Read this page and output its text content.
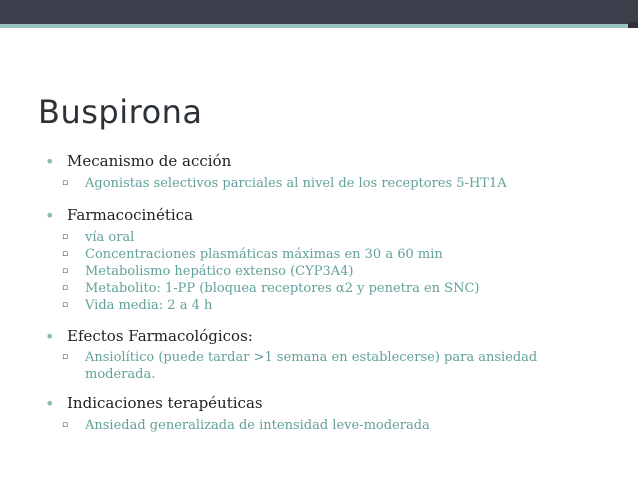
Buspirona
• Mecanismo de acción
▫ Agonistas selectivos parciales al nivel de los receptores 5-HT1A
• Farmacocinética
▫ vía oral
▫ Concentraciones plasmáticas máximas en 30 a 60 min
▫ Metabolismo hepático extenso (CYP3A4)
▫ Metabolito: 1-PP (bloquea receptores α2 y penetra en SNC)
▫ Vida media: 2 a 4 h
• Efectos Farmacológicos:
▫ Ansiolítico (puede tardar >1 semana en establecerse) para ansiedad moderada.
• Indicaciones terapéuticas
▫ Ansiedad generalizada de intensidad leve-moderada
